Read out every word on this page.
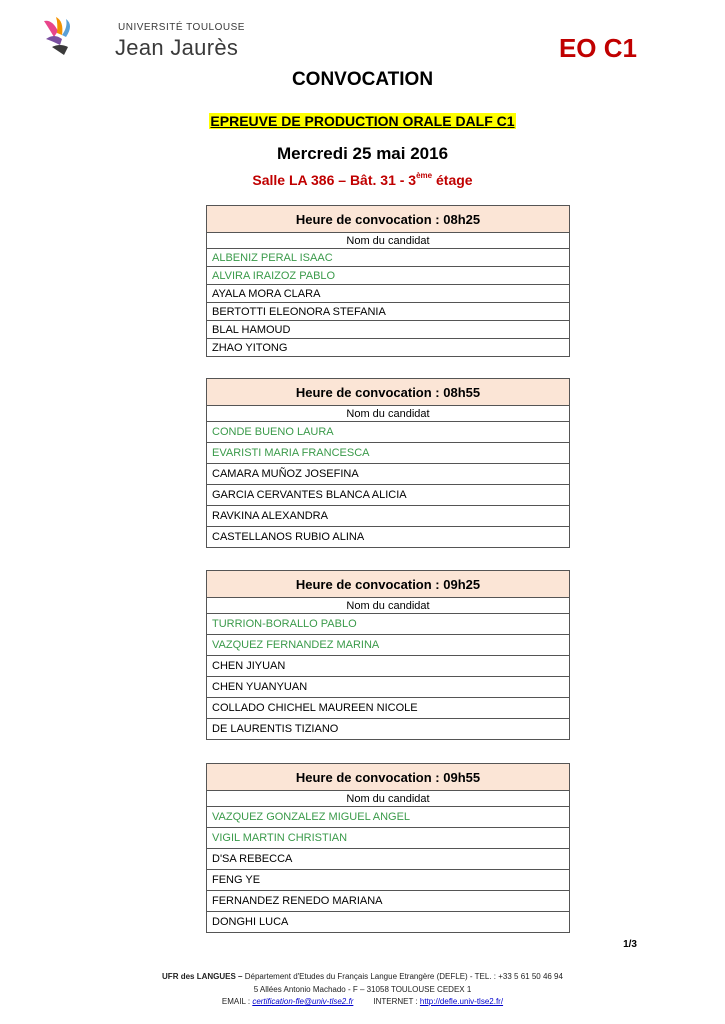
UNIVERSITÉ TOULOUSE
Jean Jaurès	EO C1
CONVOCATION
EPREUVE DE PRODUCTION ORALE DALF C1
Mercredi 25 mai 2016
Salle LA 386 – Bât. 31 - 3ème étage
Heure de convocation : 08h25
Nom du candidat
ALBENIZ PERAL ISAAC
ALVIRA IRAIZOZ PABLO
AYALA MORA CLARA
BERTOTTI ELEONORA STEFANIA
BLAL HAMOUD
ZHAO YITONG
Heure de convocation : 08h55
Nom du candidat
CONDE BUENO LAURA
EVARISTI MARIA FRANCESCA
CAMARA MUÑOZ JOSEFINA
GARCIA CERVANTES BLANCA ALICIA
RAVKINA ALEXANDRA
CASTELLANOS RUBIO ALINA
Heure de convocation : 09h25
Nom du candidat
TURRION-BORALLO PABLO
VAZQUEZ FERNANDEZ MARINA
CHEN JIYUAN
CHEN YUANYUAN
COLLADO CHICHEL MAUREEN NICOLE
DE LAURENTIS TIZIANO
Heure de convocation : 09h55
Nom du candidat
VAZQUEZ GONZALEZ MIGUEL ANGEL
VIGIL MARTIN CHRISTIAN
D'SA REBECCA
FENG YE
FERNANDEZ RENEDO MARIANA
DONGHI LUCA
1/3
UFR des LANGUES – Département d'Etudes du Français Langue Etrangère (DEFLE) - TEL. : +33 5 61 50 46 94
5 Allées Antonio Machado - F – 31058 TOULOUSE CEDEX 1
EMAIL : certification-fle@univ-tlse2.fr	INTERNET : http://defle.univ-tlse2.fr/
